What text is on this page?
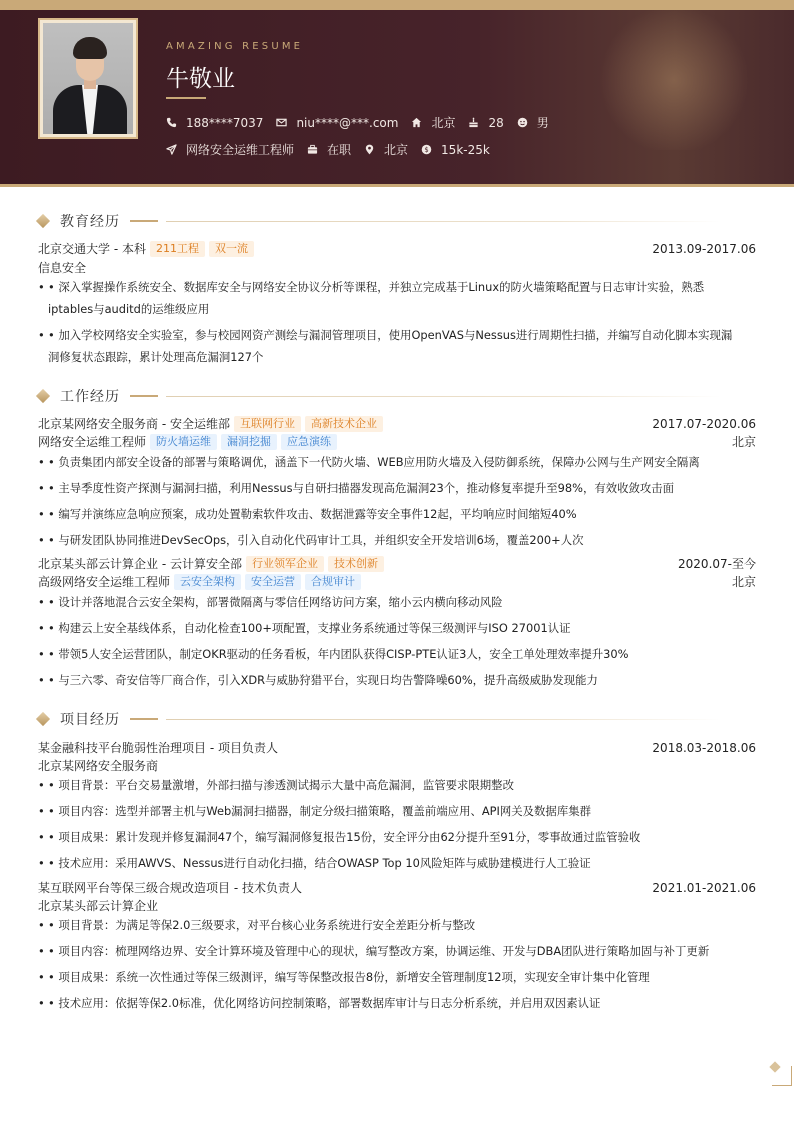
AMAZING RESUME
牛敬业
188****7037	niu****@***.com	北京	28	男
网络安全运维工程师	在职	北京 $ 15k-25k
教育经历
北京交通大学 - 本科 211工程	双一流	2013.09-2017.06
信息安全
• • 深入掌握操作系统安全、数据库安全与网络安全协议分析等课程，并独立完成基于Linux的防火墙策略配置与日志审计实验，熟悉
iptables与auditd的运维级应用
• • 加入学校网络安全实验室，参与校园网资产测绘与漏洞管理项目，使用OpenVAS与Nessus进行周期性扫描，并编写自动化脚本实现漏
洞修复状态跟踪，累计处理高危漏洞127个
工作经历
北京某网络安全服务商 - 安全运维部 互联网行业	高新技术企业	2017.07-2020.06
网络安全运维工程师 防火墙运维	漏洞挖掘	应急演练	北京
• • 负责集团内部安全设备的部署与策略调优，涵盖下一代防火墙、WEB应用防火墙及入侵防御系统，保障办公网与生产网安全隔离
• • 主导季度性资产探测与漏洞扫描，利用Nessus与自研扫描器发现高危漏洞23个，推动修复率提升至98%，有效收敛攻击面
• • 编写并演练应急响应预案，成功处置勒索软件攻击、数据泄露等安全事件12起，平均响应时间缩短40%
• • 与研发团队协同推进DevSecOps，引入自动化代码审计工具，并组织安全开发培训6场，覆盖200+人次
北京某头部云计算企业 - 云计算安全部 行业领军企业	技术创新	2020.07-至今
高级网络安全运维工程师 云安全架构	安全运营	合规审计	北京
• • 设计并落地混合云安全架构，部署微隔离与零信任网络访问方案，缩小云内横向移动风险
• • 构建云上安全基线体系，自动化检查100+项配置，支撑业务系统通过等保三级测评与ISO 27001认证
• • 带领5人安全运营团队，制定OKR驱动的任务看板，年内团队获得CISP-PTE认证3人，安全工单处理效率提升30%
• • 与三六零、奇安信等厂商合作，引入XDR与威胁狩猎平台，实现日均告警降噪60%，提升高级威胁发现能力
项目经历
某金融科技平台脆弱性治理项目 - 项目负责人	2018.03-2018.06
北京某网络安全服务商
• • 项目背景：平台交易量激增，外部扫描与渗透测试揭示大量中高危漏洞，监管要求限期整改
• • 项目内容：选型并部署主机与Web漏洞扫描器，制定分级扫描策略，覆盖前端应用、API网关及数据库集群
• • 项目成果：累计发现并修复漏洞47个，编写漏洞修复报告15份，安全评分由62分提升至91分，零事故通过监管验收
• • 技术应用：采用AWVS、Nessus进行自动化扫描，结合OWASP Top 10风险矩阵与威胁建模进行人工验证
某互联网平台等保三级合规改造项目 - 技术负责人	2021.01-2021.06
北京某头部云计算企业
• • 项目背景：为满足等保2.0三级要求，对平台核心业务系统进行安全差距分析与整改
• • 项目内容：梳理网络边界、安全计算环境及管理中心的现状，编写整改方案，协调运维、开发与DBA团队进行策略加固与补丁更新
• • 项目成果：系统一次性通过等保三级测评，编写等保整改报告8份，新增安全管理制度12项，实现安全审计集中化管理
• • 技术应用：依据等保2.0标准，优化网络访问控制策略，部署数据库审计与日志分析系统，并启用双因素认证
